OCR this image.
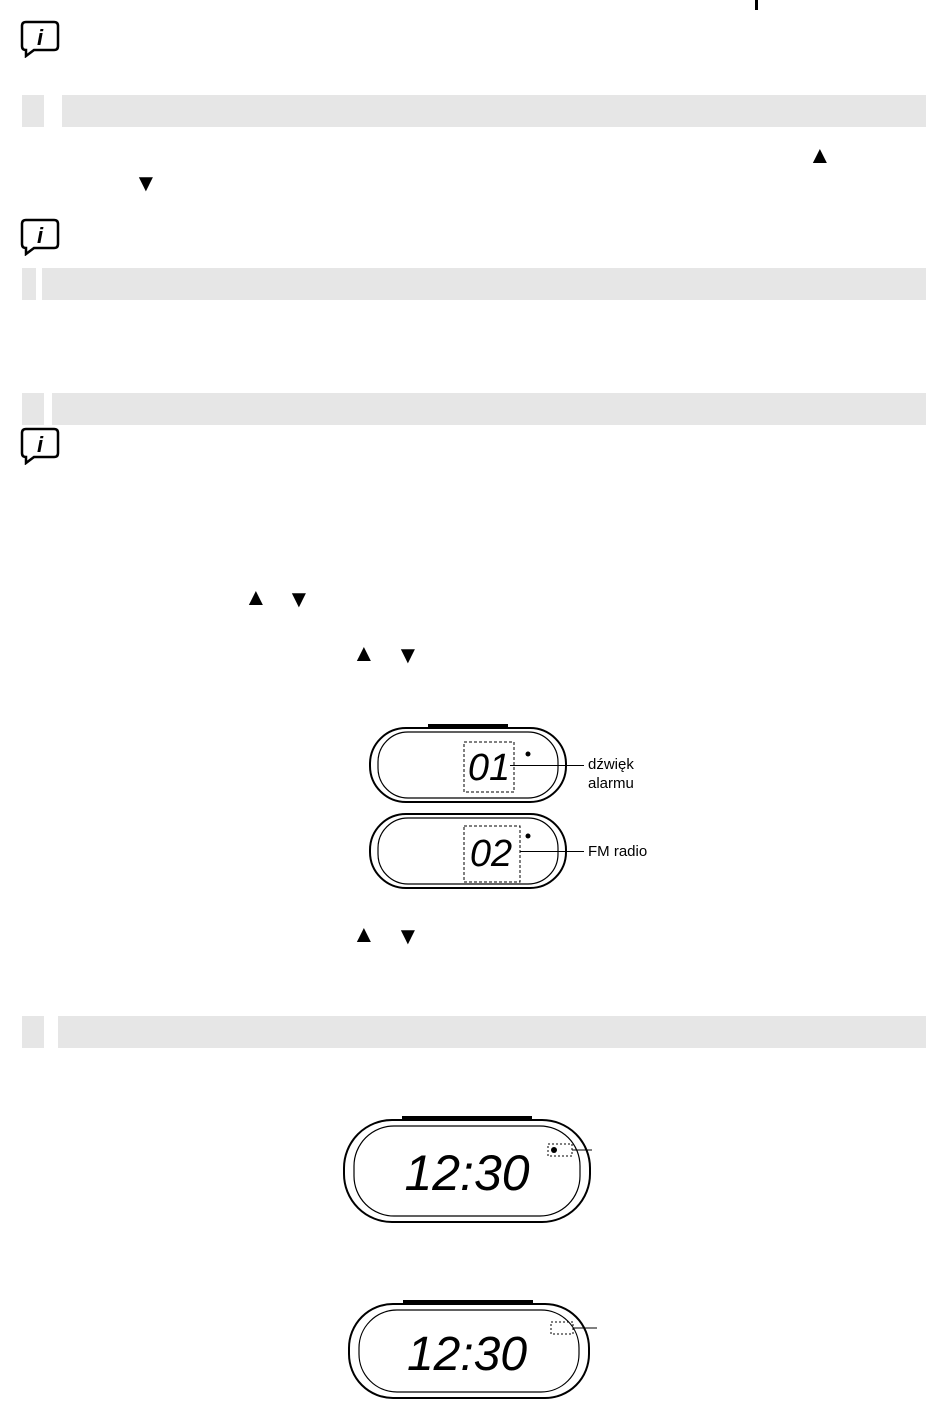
i
▲
▼
i
i
▲ ▼
▲ ▼
01	dźwięk
alarmu
02	FM radio
▲ ▼
12:30
12:30
